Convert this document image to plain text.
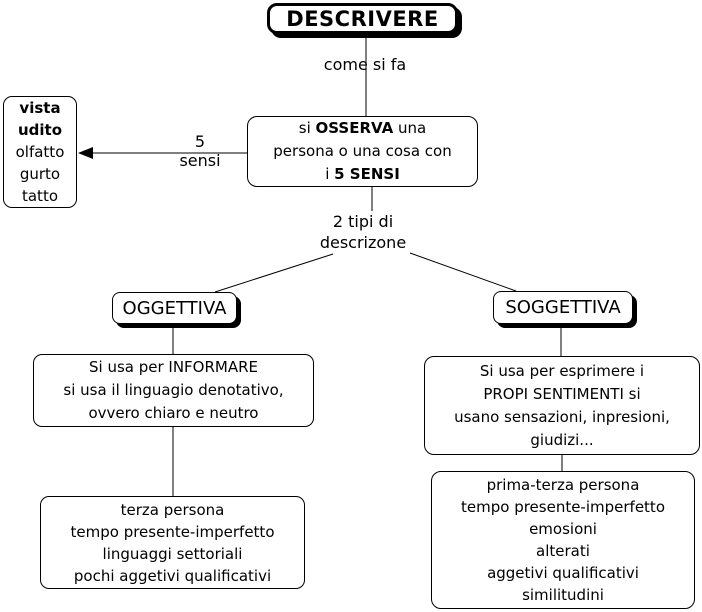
DESCRIVERE
come si fa
vista
udito
olfatto
gurto
tatto
5
sensi
si OSSERVA una
persona o una cosa con
i 5 SENSI
2 tipi di
descrizone
OGGETTIVA	SOGGETTIVA
Si usa per INFORMARE
si usa il linguagio denotativo,
ovvero chiaro e neutro
Si usa per esprimere i
PROPI SENTIMENTI si
usano sensazioni, inpresioni,
giudizi...
terza persona
tempo presente-imperfetto
linguaggi settoriali
pochi aggetivi qualificativi
prima-terza persona
tempo presente-imperfetto
emosioni
alterati
aggetivi qualificativi
similitudini
